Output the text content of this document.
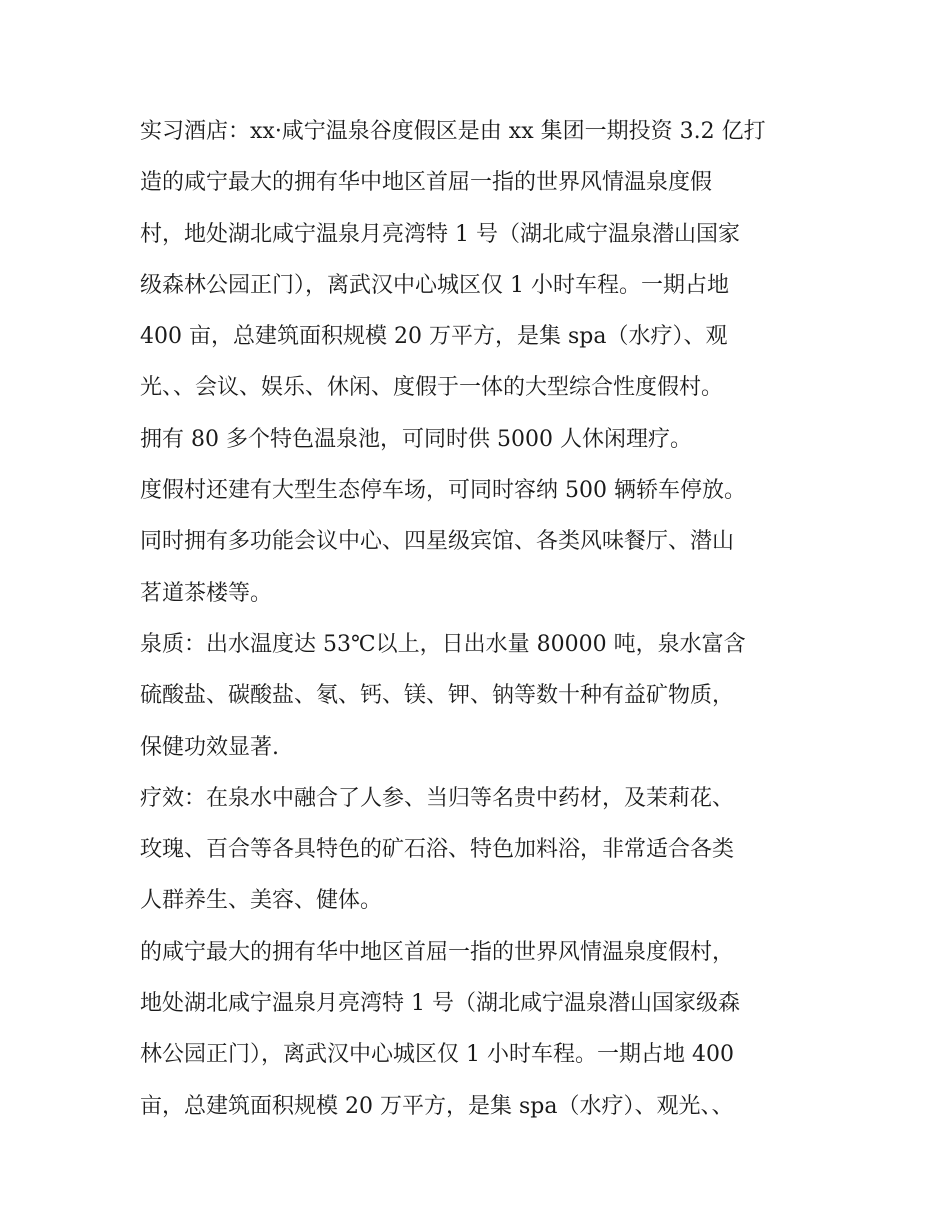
实习酒店：xx·咸宁温泉谷度假区是由 xx 集团一期投资 3.2 亿打
造的咸宁最大的拥有华中地区首屈一指的世界风情温泉度假
村，地处湖北咸宁温泉月亮湾特 1 号（湖北咸宁温泉潜山国家
级森林公园正门），离武汉中心城区仅 1 小时车程。一期占地
400 亩，总建筑面积规模 20 万平方，是集 spa（水疗）、观
光、、会议、娱乐、休闲、度假于一体的大型综合性度假村。
拥有 80 多个特色温泉池，可同时供 5000 人休闲理疗。
度假村还建有大型生态停车场，可同时容纳 500 辆轿车停放。
同时拥有多功能会议中心、四星级宾馆、各类风味餐厅、潜山
茗道茶楼等。
泉质：出水温度达 53℃以上，日出水量 80000 吨，泉水富含
硫酸盐、碳酸盐、氡、钙、镁、钾、钠等数十种有益矿物质，
保健功效显著.
疗效：在泉水中融合了人参、当归等名贵中药材，及茉莉花、
玫瑰、百合等各具特色的矿石浴、特色加料浴，非常适合各类
人群养生、美容、健体。
的咸宁最大的拥有华中地区首屈一指的世界风情温泉度假村，
地处湖北咸宁温泉月亮湾特 1 号（湖北咸宁温泉潜山国家级森
林公园正门），离武汉中心城区仅 1 小时车程。一期占地 400
亩，总建筑面积规模 20 万平方，是集 spa（水疗）、观光、、
